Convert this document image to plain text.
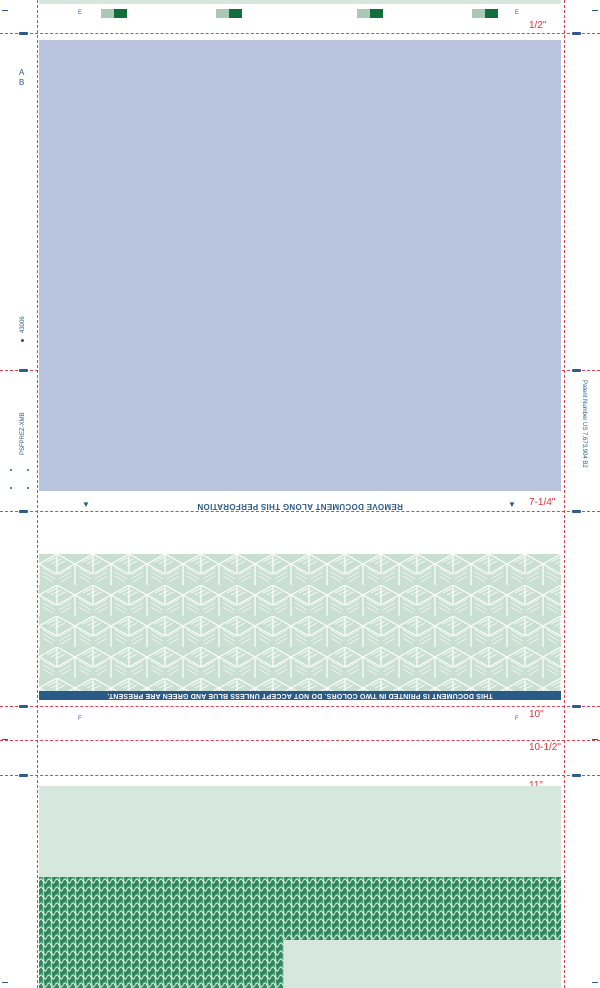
E	E
1/2"
7-1/4"
10"
10-1/2"
A
B
43006
PSFPREZ-XMB	Patent Number US 7,673,904 B2
REMOVE DOCUMENT ALONG THIS PERFORATION
▼	▼
THIS DOCUMENT IS PRINTED IN TWO COLORS. DO NOT ACCEPT UNLESS BLUE AND GREEN ARE PRESENT.
F	F
